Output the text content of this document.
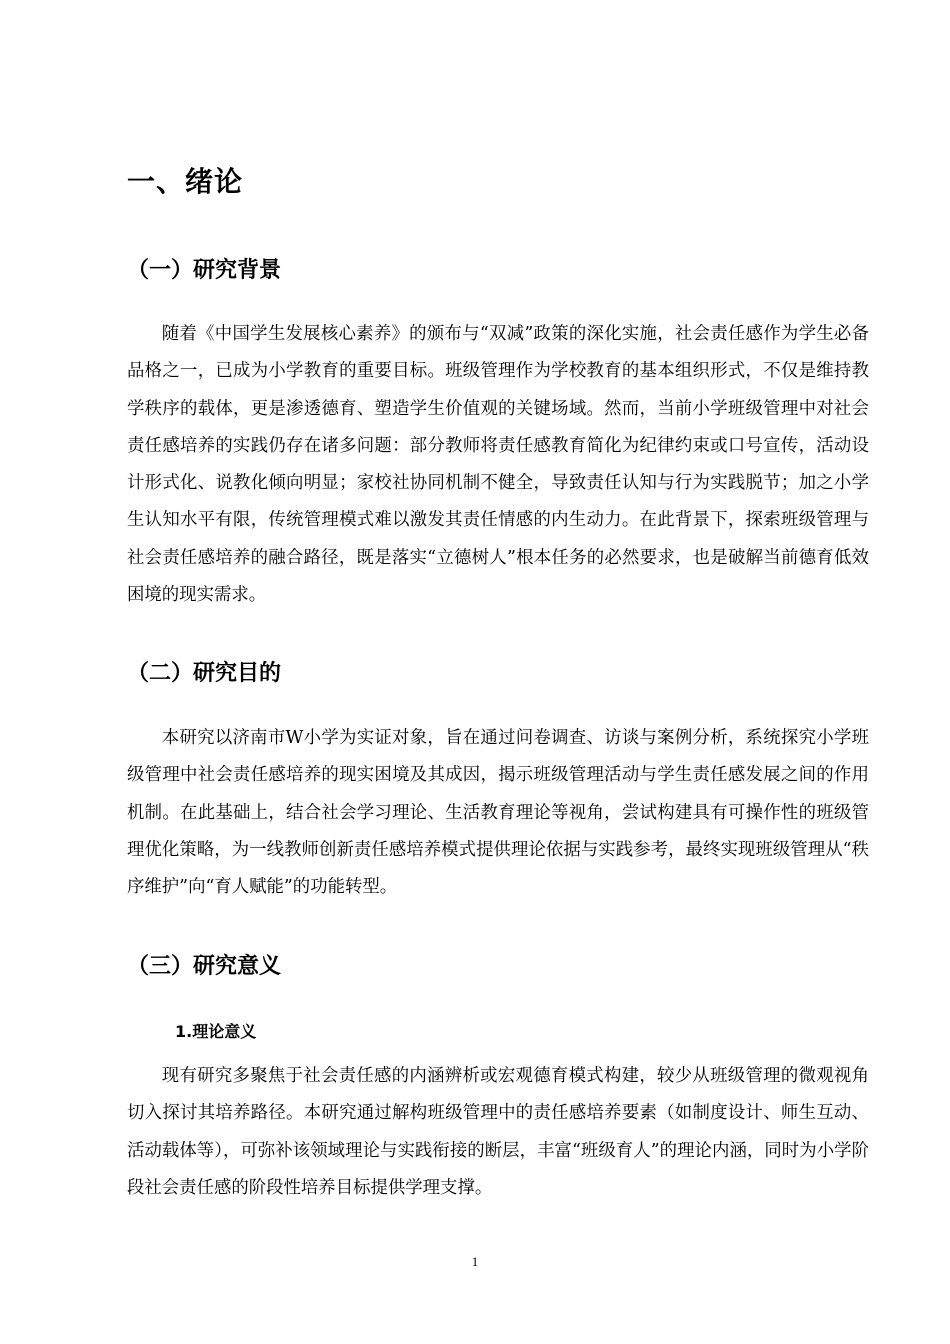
一、绪论
（一）研究背景

随着《中国学生发展核心素养》的颁布与“双减”政策的深化实施，社会责任感作为学生必备品格之一，已成为小学教育的重要目标。班级管理作为学校教育的基本组织形式，不仅是维持教学秩序的载体，更是渗透德育、塑造学生价值观的关键场域。然而，当前小学班级管理中对社会责任感培养的实践仍存在诸多问题：部分教师将责任感教育简化为纪律约束或口号宣传，活动设计形式化、说教化倾向明显；家校社协同机制不健全，导致责任认知与行为实践脱节；加之小学生认知水平有限，传统管理模式难以激发其责任情感的内生动力。在此背景下，探索班级管理与社会责任感培养的融合路径，既是落实“立德树人”根本任务的必然要求，也是破解当前德育低效困境的现实需求。

（二）研究目的

本研究以济南市W小学为实证对象，旨在通过问卷调查、访谈与案例分析，系统探究小学班级管理中社会责任感培养的现实困境及其成因，揭示班级管理活动与学生责任感发展之间的作用机制。在此基础上，结合社会学习理论、生活教育理论等视角，尝试构建具有可操作性的班级管理优化策略，为一线教师创新责任感培养模式提供理论依据与实践参考，最终实现班级管理从“秩序维护”向“育人赋能”的功能转型。

（三）研究意义
1.理论意义

现有研究多聚焦于社会责任感的内涵辨析或宏观德育模式构建，较少从班级管理的微观视角切入探讨其培养路径。本研究通过解构班级管理中的责任感培养要素（如制度设计、师生互动、活动载体等），可弥补该领域理论与实践衔接的断层，丰富“班级育人”的理论内涵，同时为小学阶段社会责任感的阶段性培养目标提供学理支撑。

1
